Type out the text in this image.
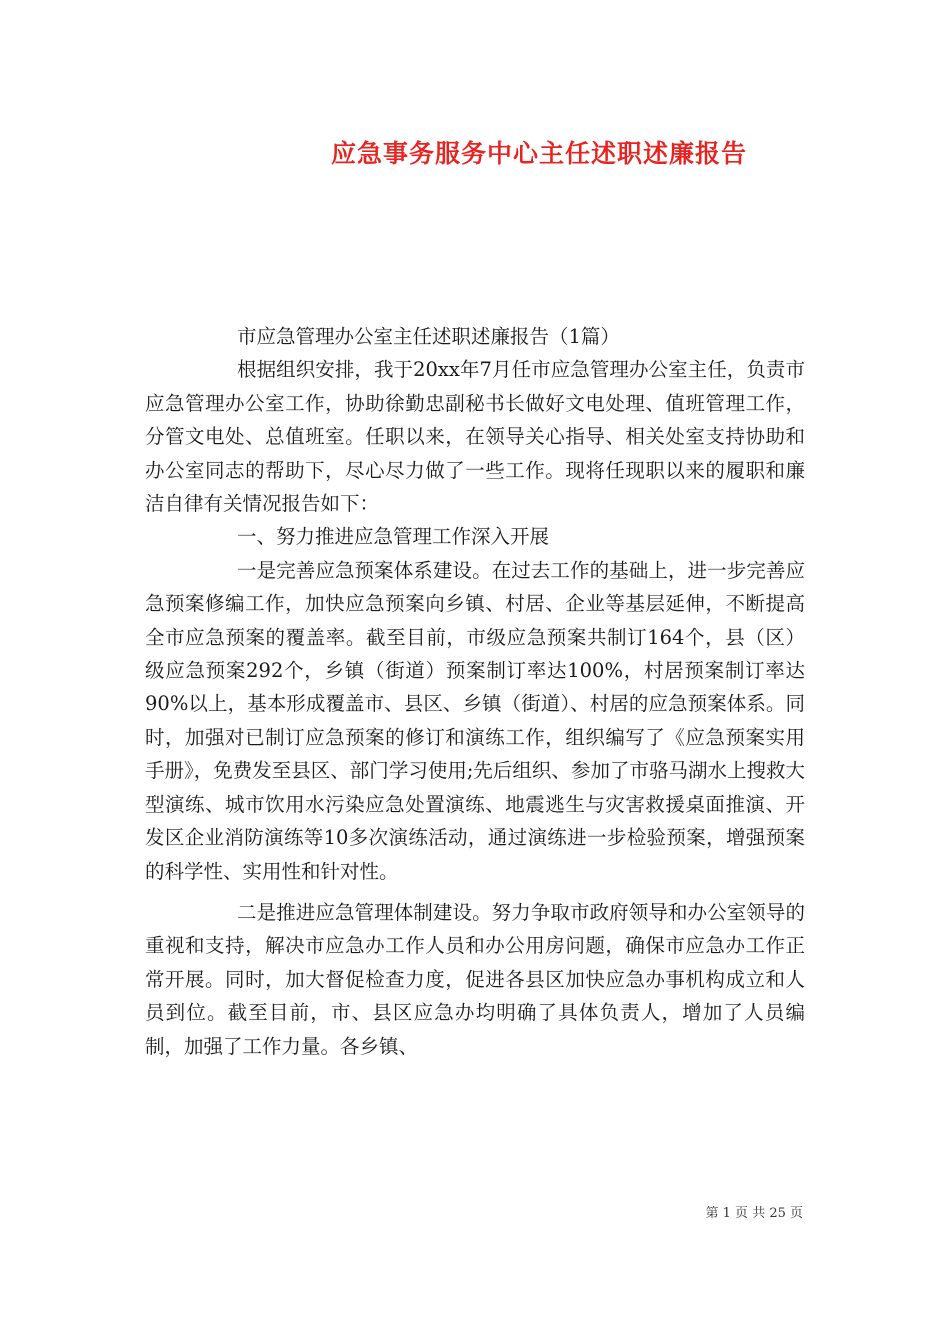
应急事务服务中心主任述职述廉报告

市应急管理办公室主任述职述廉报告（1篇）

根据组织安排，我于20xx年7月任市应急管理办公室主任，负责市应急管理办公室工作，协助徐勤忠副秘书长做好文电处理、值班管理工作，分管文电处、总值班室。任职以来，在领导关心指导、相关处室支持协助和办公室同志的帮助下，尽心尽力做了一些工作。现将任现职以来的履职和廉洁自律有关情况报告如下：

一、努力推进应急管理工作深入开展

一是完善应急预案体系建设。在过去工作的基础上，进一步完善应急预案修编工作，加快应急预案向乡镇、村居、企业等基层延伸，不断提高全市应急预案的覆盖率。截至目前，市级应急预案共制订164个，县（区）级应急预案292个，乡镇（街道）预案制订率达100%，村居预案制订率达90%以上，基本形成覆盖市、县区、乡镇（街道）、村居的应急预案体系。同时，加强对已制订应急预案的修订和演练工作，组织编写了《应急预案实用手册》，免费发至县区、部门学习使用;先后组织、参加了市骆马湖水上搜救大型演练、城市饮用水污染应急处置演练、地震逃生与灾害救援桌面推演、开发区企业消防演练等10多次演练活动，通过演练进一步检验预案，增强预案的科学性、实用性和针对性。

二是推进应急管理体制建设。努力争取市政府领导和办公室领导的重视和支持，解决市应急办工作人员和办公用房问题，确保市应急办工作正常开展。同时，加大督促检查力度，促进各县区加快应急办事机构成立和人员到位。截至目前，市、县区应急办均明确了具体负责人，增加了人员编制，加强了工作力量。各乡镇、

第 1 页 共 25 页
